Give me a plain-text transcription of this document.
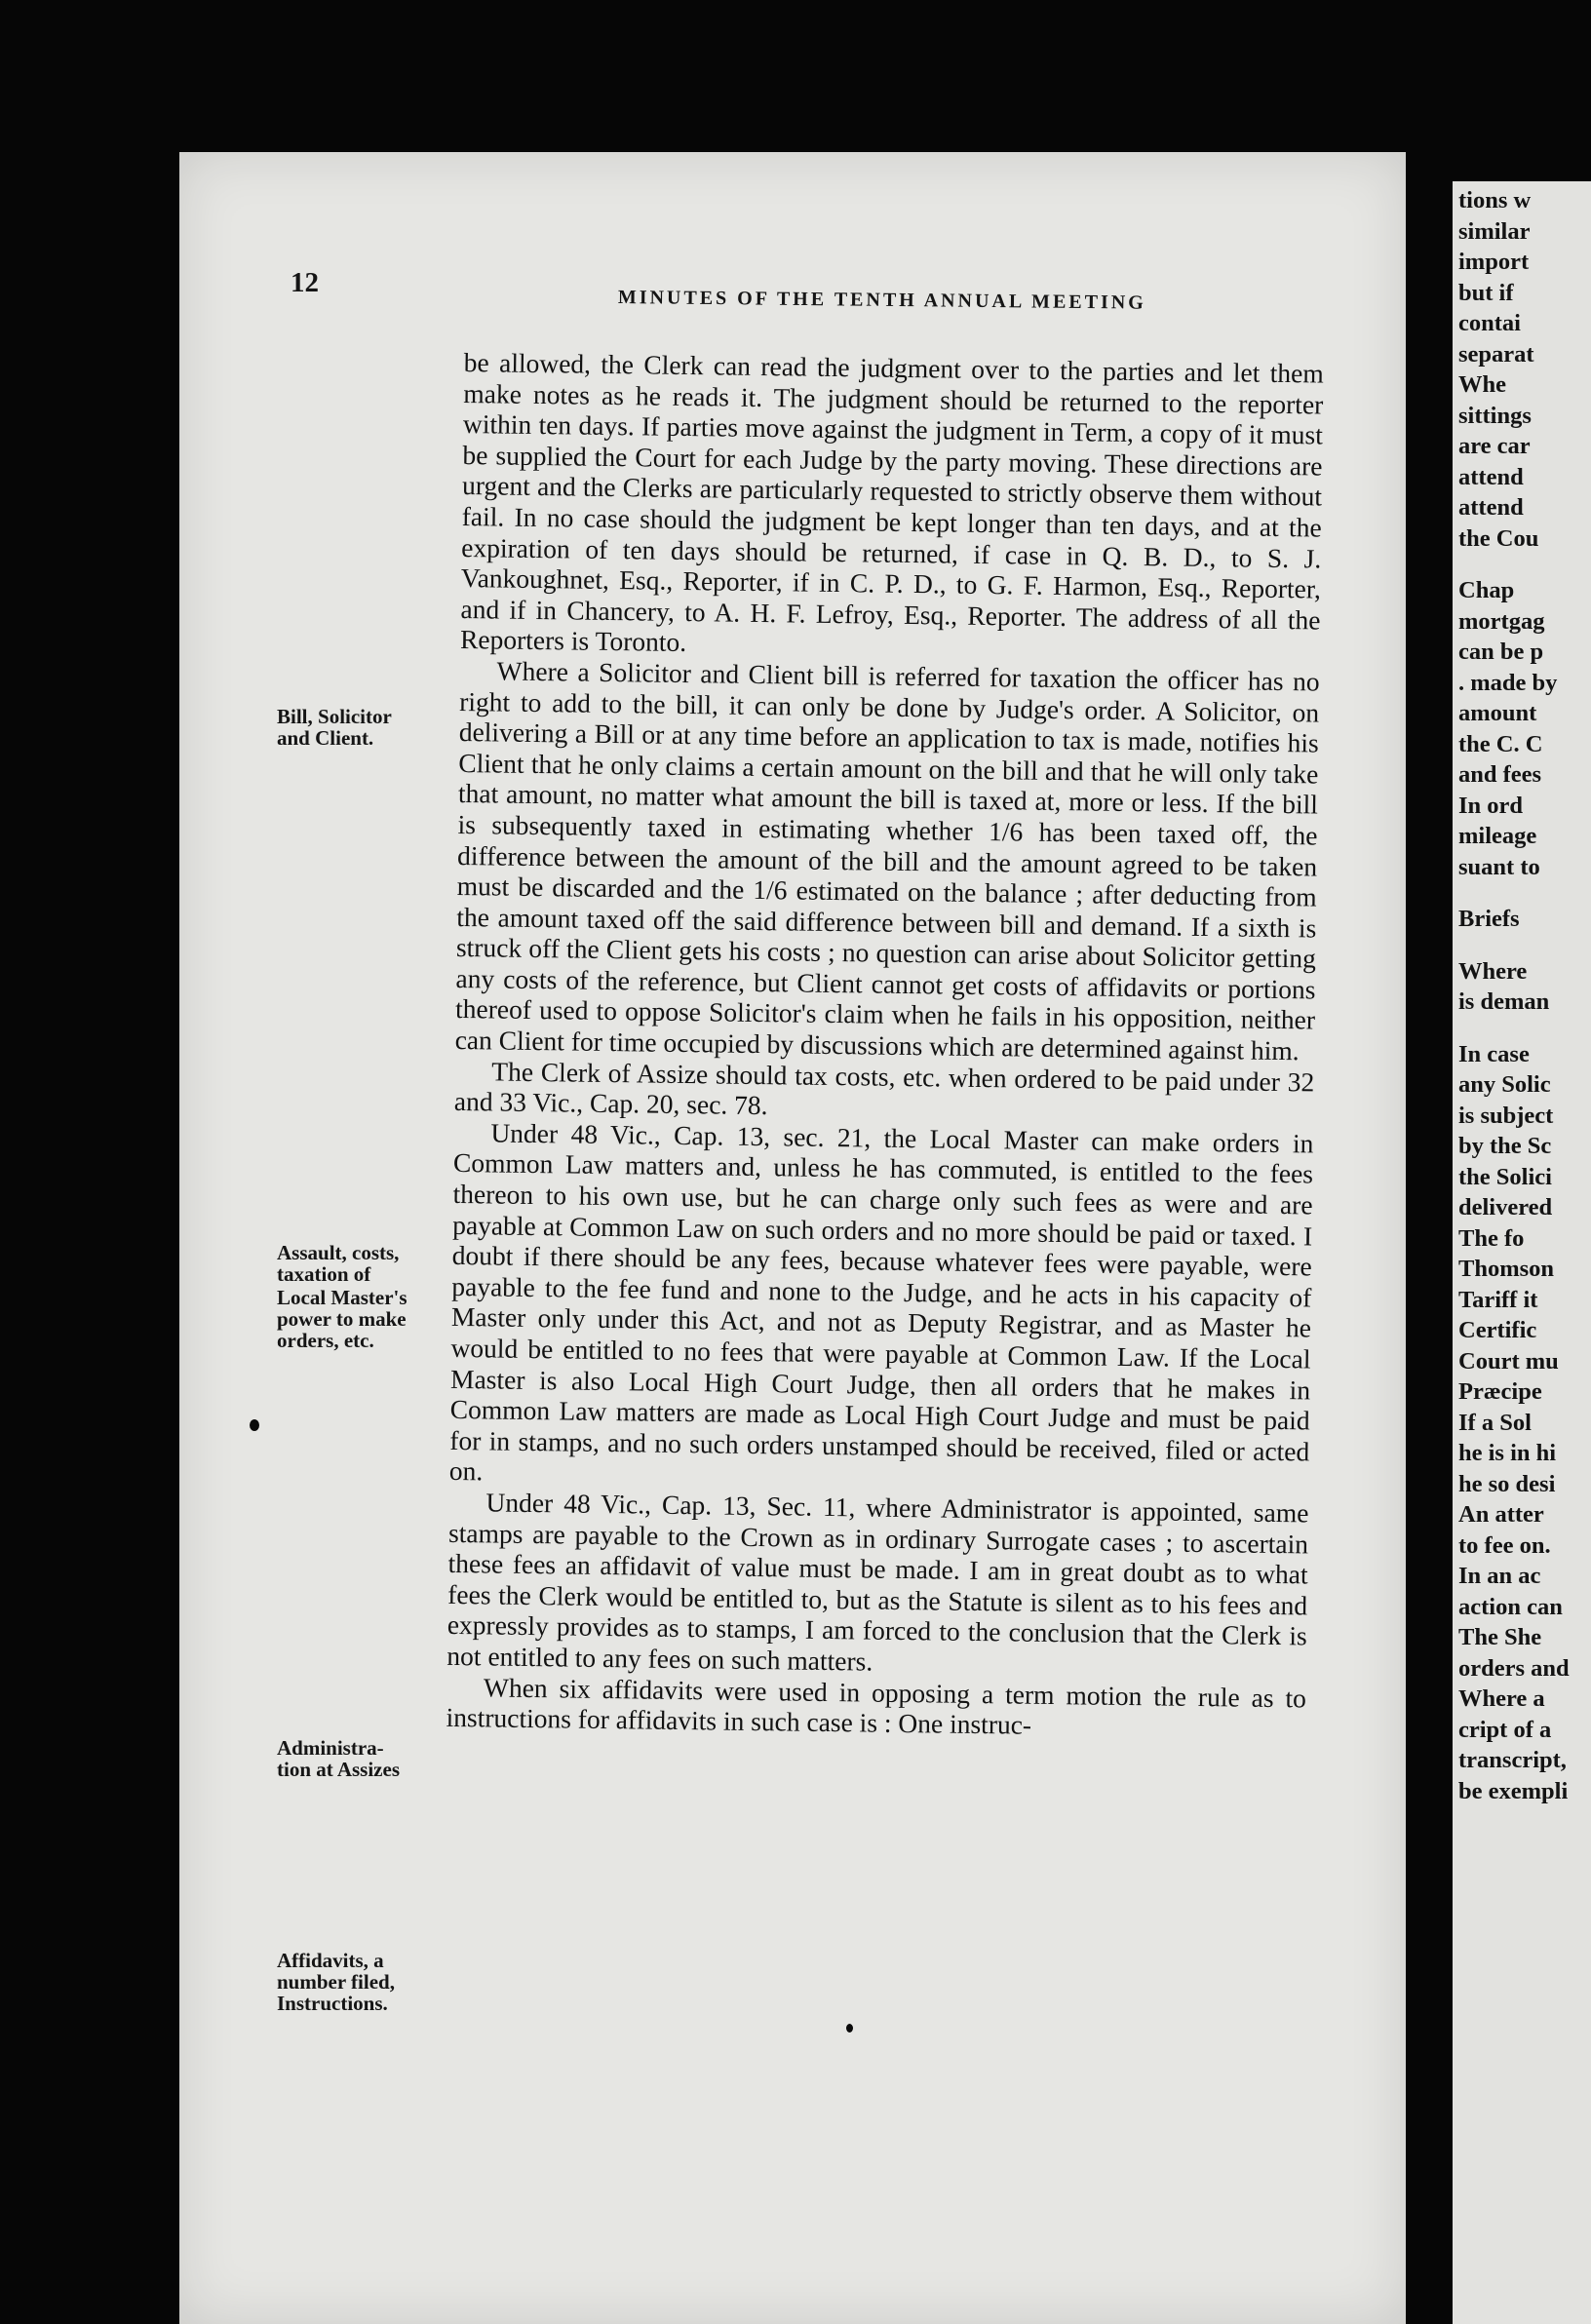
12
MINUTES OF THE TENTH ANNUAL MEETING
Bill, Solicitor
and Client.
Assault, costs,
taxation of
Local Master's
power to make
orders, etc.
Administra-
tion at Assizes
Affidavits, a
number filed,
Instructions.

be allowed, the Clerk can read the judgment over to the parties and let them make notes as he reads it. The judgment should be returned to the reporter within ten days. If parties move against the judgment in Term, a copy of it must be supplied the Court for each Judge by the party moving. These directions are urgent and the Clerks are particularly requested to strictly observe them without fail. In no case should the judgment be kept longer than ten days, and at the expiration of ten days should be returned, if case in Q. B. D., to S. J. Vankoughnet, Esq., Reporter, if in C. P. D., to G. F. Harmon, Esq., Reporter, and if in Chancery, to A. H. F. Lefroy, Esq., Reporter. The address of all the Reporters is Toronto.

Where a Solicitor and Client bill is referred for taxation the officer has no right to add to the bill, it can only be done by Judge's order. A Solicitor, on delivering a Bill or at any time before an application to tax is made, notifies his Client that he only claims a certain amount on the bill and that he will only take that amount, no matter what amount the bill is taxed at, more or less. If the bill is subsequently taxed in estimating whether 1/6 has been taxed off, the difference between the amount of the bill and the amount agreed to be taken must be discarded and the 1/6 estimated on the balance ; after deducting from the amount taxed off the said difference between bill and demand. If a sixth is struck off the Client gets his costs ; no question can arise about Solicitor getting any costs of the reference, but Client cannot get costs of affidavits or portions thereof used to oppose Solicitor's claim when he fails in his opposition, neither can Client for time occupied by discussions which are determined against him.

The Clerk of Assize should tax costs, etc. when ordered to be paid under 32 and 33 Vic., Cap. 20, sec. 78.

Under 48 Vic., Cap. 13, sec. 21, the Local Master can make orders in Common Law matters and, unless he has commuted, is entitled to the fees thereon to his own use, but he can charge only such fees as were and are payable at Common Law on such orders and no more should be paid or taxed. I doubt if there should be any fees, because whatever fees were payable, were payable to the fee fund and none to the Judge, and he acts in his capacity of Master only under this Act, and not as Deputy Registrar, and as Master he would be entitled to no fees that were payable at Common Law. If the Local Master is also Local High Court Judge, then all orders that he makes in Common Law matters are made as Local High Court Judge and must be paid for in stamps, and no such orders unstamped should be received, filed or acted on.

Under 48 Vic., Cap. 13, Sec. 11, where Administrator is appointed, same stamps are payable to the Crown as in ordinary Surrogate cases ; to ascertain these fees an affidavit of value must be made. I am in great doubt as to what fees the Clerk would be entitled to, but as the Statute is silent as to his fees and expressly provides as to stamps, I am forced to the conclusion that the Clerk is not entitled to any fees on such matters.

When six affidavits were used in opposing a term motion the rule as to instructions for affidavits in such case is : One instruc-

tions w
similar
import
but if
contai
separat
Whe
sittings
are car
attend
attend
the Cou
Chap
mortgag
can be p
. made by
amount
the C. C
and fees
In ord
mileage
suant to
Briefs
Where
is deman
In case
any Solic
is subject
by the Sc
the Solici
delivered
The fo
Thomson
Tariff it
Certific
Court mu
Præcipe
If a Sol
he is in hi
he so desi
An atter
to fee on.
In an ac
action can
The She
orders and
Where a
cript of a
transcript,
be exempli
